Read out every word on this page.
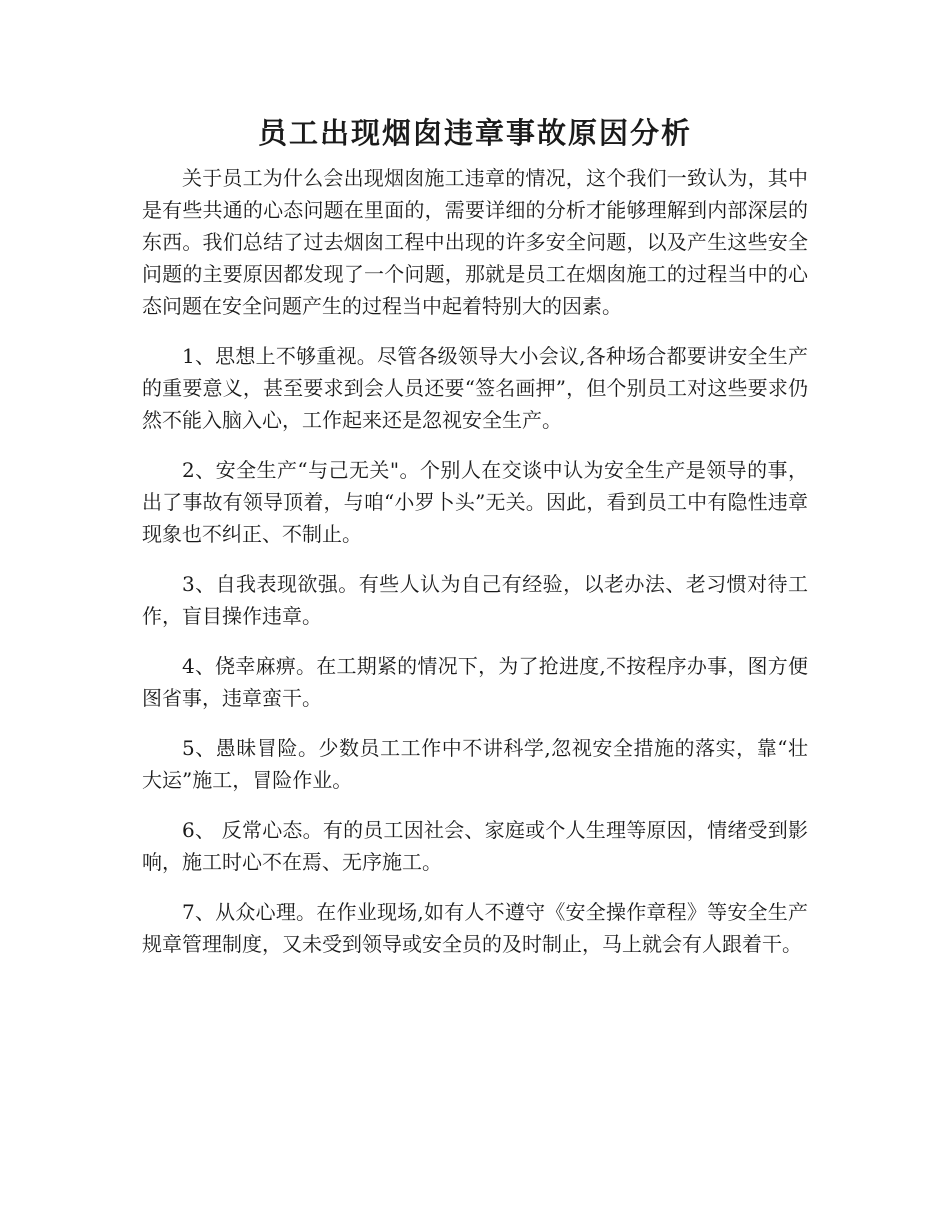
员工出现烟囱违章事故原因分析

关于员工为什么会出现烟囱施工违章的情况，这个我们一致认为，其中是有些共通的心态问题在里面的，需要详细的分析才能够理解到内部深层的东西。我们总结了过去烟囱工程中出现的许多安全问题，以及产生这些安全问题的主要原因都发现了一个问题，那就是员工在烟囱施工的过程当中的心态问题在安全问题产生的过程当中起着特别大的因素。

1、思想上不够重视。尽管各级领导大小会议,各种场合都要讲安全生产的重要意义，甚至要求到会人员还要“签名画押”，但个别员工对这些要求仍然不能入脑入心，工作起来还是忽视安全生产。

2、安全生产“与己无关"。个别人在交谈中认为安全生产是领导的事，出了事故有领导顶着，与咱“小罗卜头”无关。因此，看到员工中有隐性违章现象也不纠正、不制止。

3、自我表现欲强。有些人认为自己有经验，以老办法、老习惯对待工作，盲目操作违章。

4、侥幸麻痹。在工期紧的情况下，为了抢进度,不按程序办事，图方便图省事，违章蛮干。

5、愚昧冒险。少数员工工作中不讲科学,忽视安全措施的落实，靠“壮大运”施工，冒险作业。

6、 反常心态。有的员工因社会、家庭或个人生理等原因，情绪受到影响，施工时心不在焉、无序施工。

7、从众心理。在作业现场,如有人不遵守《安全操作章程》等安全生产规章管理制度，又未受到领导或安全员的及时制止，马上就会有人跟着干。
